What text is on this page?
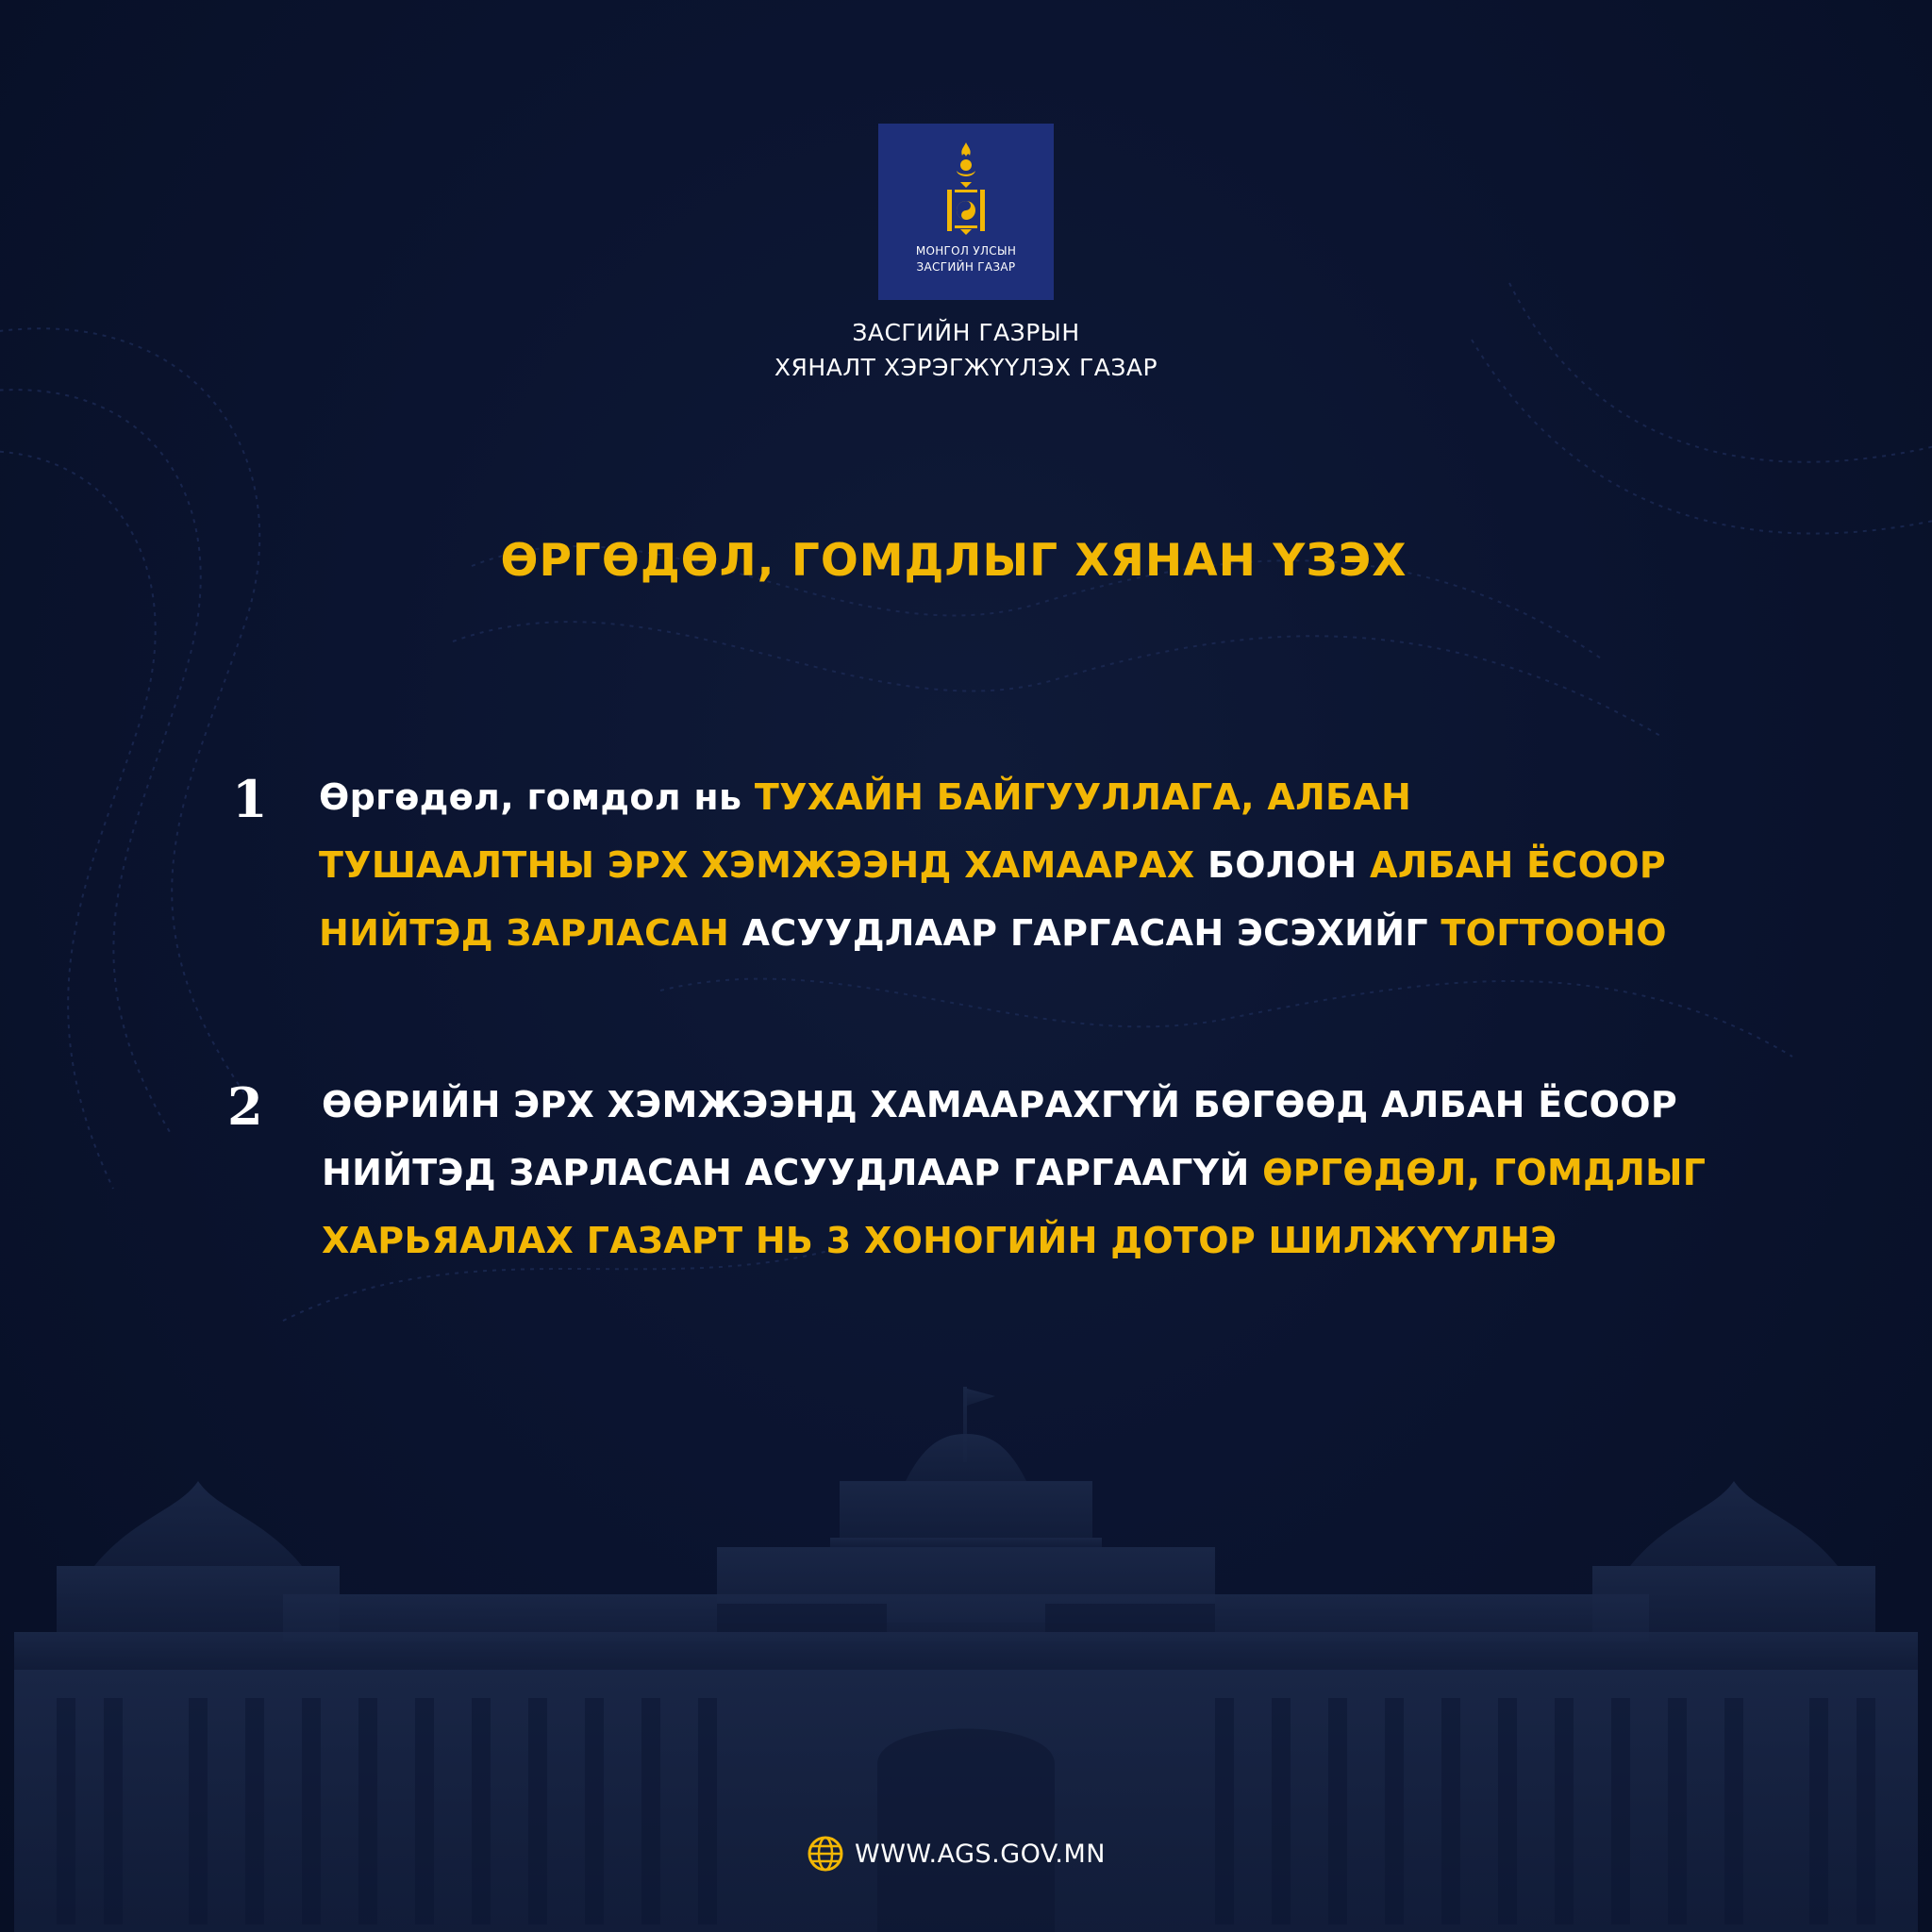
МОНГОЛ УЛСЫН
ЗАСГИЙН ГАЗАР
ЗАСГИЙН ГАЗРЫН
ХЯНАЛТ ХЭРЭГЖҮҮЛЭХ ГАЗАР
ӨРГӨДӨЛ, ГОМДЛЫГ ХЯНАН ҮЗЭХ
1 Өргөдөл, гомдол нь ТУХАЙН БАЙГУУЛЛАГА, АЛБАН
ТУШААЛТНЫ ЭРХ ХЭМЖЭЭНД ХАМААРАХ БОЛОН АЛБАН ЁСООР
НИЙТЭД ЗАРЛАСАН АСУУДЛААР ГАРГАСАН ЭСЭХИЙГ ТОГТООНО
2 ӨӨРИЙН ЭРХ ХЭМЖЭЭНД ХАМААРАХГҮЙ БӨГӨӨД АЛБАН ЁСООР
НИЙТЭД ЗАРЛАСАН АСУУДЛААР ГАРГААГҮЙ ӨРГӨДӨЛ, ГОМДЛЫГ
ХАРЬЯАЛАХ ГАЗАРТ НЬ 3 ХОНОГИЙН ДОТОР ШИЛЖҮҮЛНЭ
WWW.AGS.GOV.MN
